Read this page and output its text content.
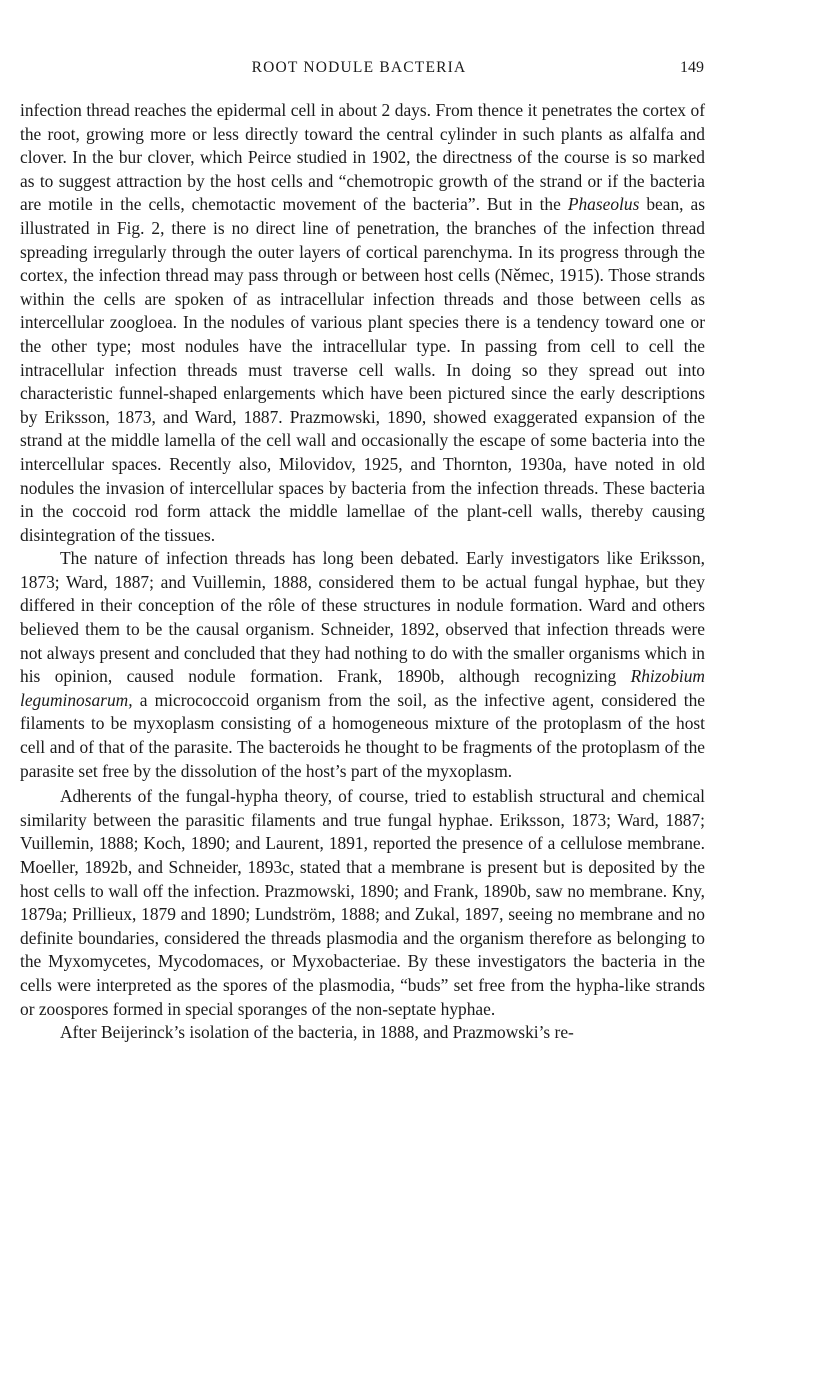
ROOT NODULE BACTERIA	149

infection thread reaches the epidermal cell in about 2 days. From thence it penetrates the cortex of the root, growing more or less directly toward the central cylinder in such plants as alfalfa and clover. In the bur clover, which Peirce studied in 1902, the directness of the course is so marked as to suggest attraction by the host cells and “chemotropic growth of the strand or if the bacteria are motile in the cells, chemotactic movement of the bacteria”. But in the Phaseolus bean, as illustrated in Fig. 2, there is no direct line of penetration, the branches of the infection thread spreading irregularly through the outer layers of cortical parenchyma. In its progress through the cortex, the infection thread may pass through or between host cells (Němec, 1915). Those strands within the cells are spoken of as intracellular infection threads and those between cells as intercellular zoogloea. In the nodules of various plant species there is a tendency toward one or the other type; most nodules have the intracellular type. In passing from cell to cell the intracellular infection threads must traverse cell walls. In doing so they spread out into characteristic funnel-shaped enlargements which have been pictured since the early descriptions by Eriksson, 1873, and Ward, 1887. Prazmowski, 1890, showed exaggerated expansion of the strand at the middle lamella of the cell wall and occasionally the escape of some bacteria into the intercellular spaces. Recently also, Milovidov, 1925, and Thornton, 1930a, have noted in old nodules the invasion of intercellular spaces by bacteria from the infection threads. These bacteria in the coccoid rod form attack the middle lamellae of the plant-cell walls, thereby causing disintegration of the tissues.

The nature of infection threads has long been debated. Early investigators like Eriksson, 1873; Ward, 1887; and Vuillemin, 1888, considered them to be actual fungal hyphae, but they differed in their conception of the rôle of these structures in nodule formation. Ward and others believed them to be the causal organism. Schneider, 1892, observed that infection threads were not always present and concluded that they had nothing to do with the smaller organisms which in his opinion, caused nodule formation. Frank, 1890b, although recognizing Rhizobium leguminosarum, a micrococcoid organism from the soil, as the infective agent, considered the filaments to be myxoplasm consisting of a homogeneous mixture of the protoplasm of the host cell and of that of the parasite. The bacteroids he thought to be fragments of the protoplasm of the parasite set free by the dissolution of the host’s part of the myxoplasm.

Adherents of the fungal-hypha theory, of course, tried to establish structural and chemical similarity between the parasitic filaments and true fungal hyphae. Eriksson, 1873; Ward, 1887; Vuillemin, 1888; Koch, 1890; and Laurent, 1891, reported the presence of a cellulose membrane. Moeller, 1892b, and Schneider, 1893c, stated that a membrane is present but is deposited by the host cells to wall off the infection. Prazmowski, 1890; and Frank, 1890b, saw no membrane. Kny, 1879a; Prillieux, 1879 and 1890; Lundström, 1888; and Zukal, 1897, seeing no membrane and no definite boundaries, considered the threads plasmodia and the organism therefore as belonging to the Myxomycetes, Mycodomaces, or Myxobacteriae. By these investigators the bacteria in the cells were interpreted as the spores of the plasmodia, “buds” set free from the hypha-like strands or zoospores formed in special sporanges of the non-septate hyphae.

After Beijerinck’s isolation of the bacteria, in 1888, and Prazmowski’s re-
